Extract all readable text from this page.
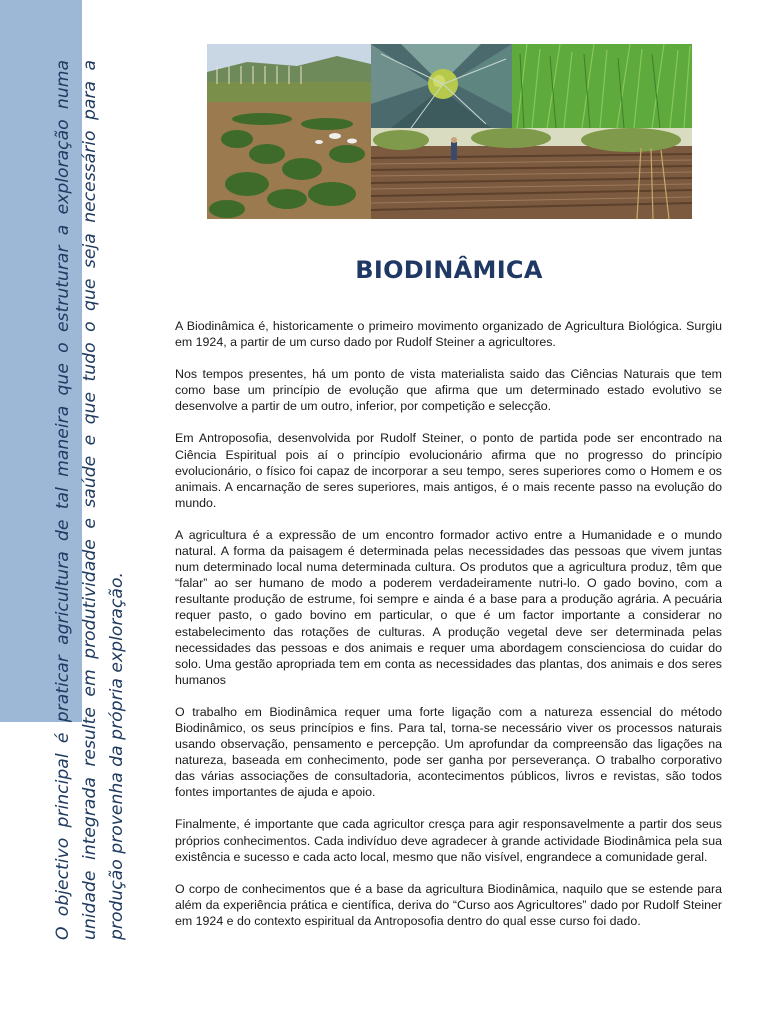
O objectivo principal é praticar agricultura de tal maneira que o estruturar a exploração numa unidade integrada resulte em produtividade e saúde e que tudo o que seja necessário para a produção provenha da própria exploração.
BIODINÂMICA

A Biodinâmica é, historicamente o primeiro movimento organizado de Agricultura Biológica. Surgiu em 1924, a partir de um curso dado por Rudolf Steiner a agricultores.

Nos tempos presentes, há um ponto de vista materialista saido das Ciências Naturais que tem como base um princípio de evolução que afirma que um determinado estado evolutivo se desenvolve a partir de um outro, inferior, por competição e selecção.

Em Antroposofia, desenvolvida por Rudolf Steiner, o ponto de partida pode ser encontrado na Ciência Espiritual pois aí o princípio evolucionário afirma que no progresso do princípio evolucionário, o físico foi capaz de incorporar a seu tempo, seres superiores como o Homem e os animais. A encarnação de seres superiores, mais antigos, é o mais recente passo na evolução do mundo.

A agricultura é a expressão de um encontro formador activo entre a Humanidade e o mundo natural. A forma da paisagem é determinada pelas necessidades das pessoas que vivem juntas num determinado local numa determinada cultura. Os produtos que a agricultura produz, têm que “falar” ao ser humano de modo a poderem verdadeiramente nutri-lo. O gado bovino, com a resultante produção de estrume, foi sempre e ainda é a base para a produção agrária. A pecuária requer pasto, o gado bovino em particular, o que é um factor importante a considerar no estabelecimento das rotações de culturas. A produção vegetal deve ser determinada pelas necessidades das pessoas e dos animais e requer uma abordagem conscienciosa do cuidar do solo. Uma gestão apropriada tem em conta as necessidades das plantas, dos animais e dos seres humanos

O trabalho em Biodinâmica requer uma forte ligação com a natureza essencial do método Biodinâmico, os seus princípios e fins. Para tal, torna-se necessário viver os processos naturais usando observação, pensamento e percepção. Um aprofundar da compreensão das ligações na natureza, baseada em conhecimento, pode ser ganha por perseverança. O trabalho corporativo das várias associações de consultadoria, acontecimentos públicos, livros e revistas, são todos fontes importantes de ajuda e apoio.

Finalmente, é importante que cada agricultor cresça para agir responsavelmente a partir dos seus próprios conhecimentos. Cada indivíduo deve agradecer à grande actividade Biodinâmica pela sua existência e sucesso e cada acto local, mesmo que não visível, engrandece a comunidade geral.

O corpo de conhecimentos que é a base da agricultura Biodinâmica, naquilo que se estende para além da experiência prática e científica, deriva do “Curso aos Agricultores” dado por Rudolf Steiner em 1924 e do contexto espiritual da Antroposofia dentro do qual esse curso foi dado.
